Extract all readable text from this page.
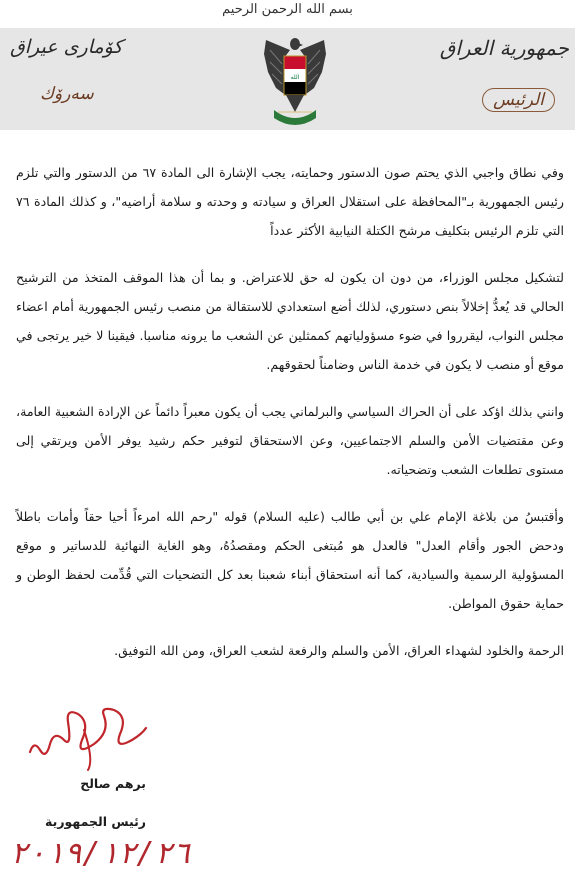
بسم الله الرحمن الرحيم
كۆمارى عيراق
سەرۆك
جمهورية العراق
الرئيس
الله

وفي نطاق واجبي الذي يحتم صون الدستور وحمايته، يجب الإشارة الى المادة ٦٧ من الدستور والتي تلزم رئيس الجمهورية بـ"المحافظة على استقلال العراق و سيادته و وحدته و سلامة أراضيه"، و كذلك المادة ٧٦ التي تلزم الرئيس بتكليف مرشح الكتلة النيابية الأكثر عدداً

لتشكيل مجلس الوزراء، من دون ان يكون له حق للاعتراض. و بما أن هذا الموقف المتخذ من الترشيح الحالي قد يُعدُّ إخلالاً بنص دستوري، لذلك أضع استعدادي للاستقالة من منصب رئيس الجمهورية أمام اعضاء مجلس النواب، ليقرروا في ضوء مسؤولياتهم كممثلين عن الشعب ما يرونه مناسبا. فيقينا لا خير يرتجى في موقع أو منصب لا يكون في خدمة الناس وضامناً لحقوقهم.

وانني بذلك اؤكد على أن الحراك السياسي والبرلماني يجب أن يكون معبراً دائماً عن الإرادة الشعبية العامة، وعن مقتضيات الأمن والسلم الاجتماعيين، وعن الاستحقاق لتوفير حكم رشيد يوفر الأمن ويرتقي إلى مستوى تطلعات الشعب وتضحياته.

وأقتبسُ من بلاغة الإمام علي بن أبي طالب (عليه السلام) قوله "رحم الله امرءاً أحيا حقاً وأمات باطلاً ودحض الجور وأقام العدل" فالعدل هو مُبتغى الحكم ومقصدُهُ، وهو الغاية النهائية للدساتير و موقع المسؤولية الرسمية والسيادية، كما أنه استحقاق أبناء شعبنا بعد كل التضحيات التي قُدِّمت لحفظ الوطن و حماية حقوق المواطن.

الرحمة والخلود لشهداء العراق، الأمن والسلم والرفعة لشعب العراق، ومن الله التوفيق.

برهم صالح
رئيس الجمهورية
٢٠١٩/١٢/٢٦
